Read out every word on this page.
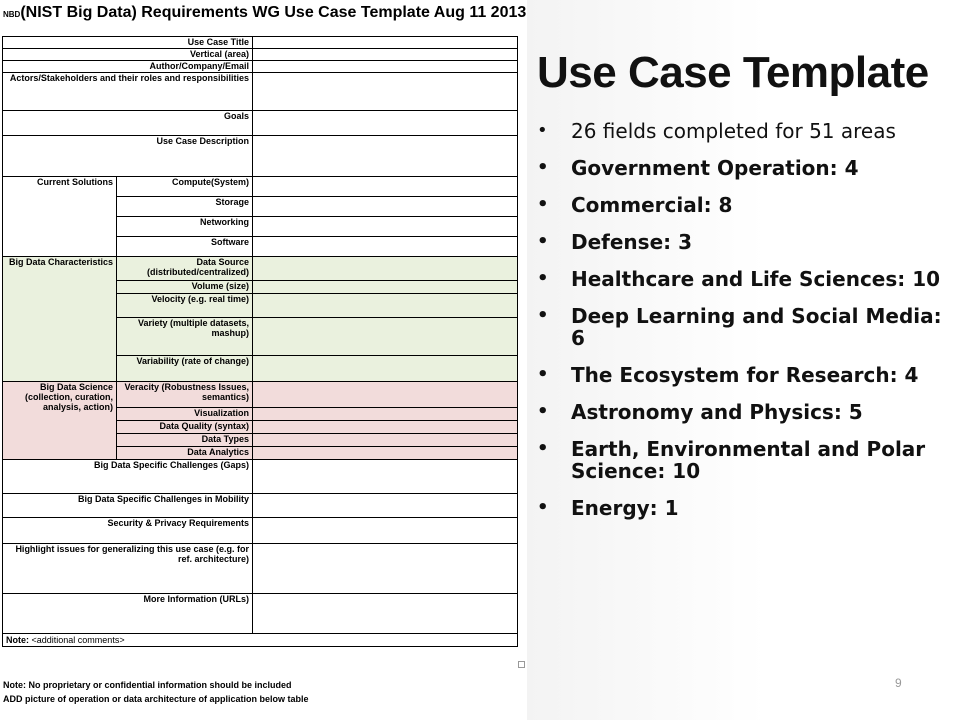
NBD(NIST Big Data) Requirements WG Use Case Template Aug 11 2013
Use Case Title		
Vertical (area)		
Author/Company/Email		
Actors/Stakeholders and their roles and responsibilities		
Goals		
Use Case Description		
Current Solutions	Compute(System)	
	Storage	
	Networking	
	Software	
Big Data Characteristics	Data Source (distributed/centralized)	
	Volume (size)	
	Velocity (e.g. real time)	
	Variety (multiple datasets, mashup)	
	Variability (rate of change)	
Big Data Science (collection, curation, analysis, action)	Veracity (Robustness Issues, semantics)	
	Visualization	
	Data Quality (syntax)	
	Data Types	
	Data Analytics	
Big Data Specific Challenges (Gaps)		
Big Data Specific Challenges in Mobility		
Security & Privacy Requirements		
Highlight issues for generalizing this use case (e.g. for ref. architecture)		
More Information (URLs)		
Note: <additional comments>		
Note: No proprietary or confidential information should be included
ADD picture of operation or data architecture of application below table
Use Case Template
• 26 fields completed for 51 areas
• Government Operation: 4
• Commercial: 8
• Defense: 3
• Healthcare and Life Sciences: 10
• Deep Learning and Social Media: 6
• The Ecosystem for Research: 4
• Astronomy and Physics: 5
• Earth, Environmental and Polar Science: 10
• Energy: 1
9
